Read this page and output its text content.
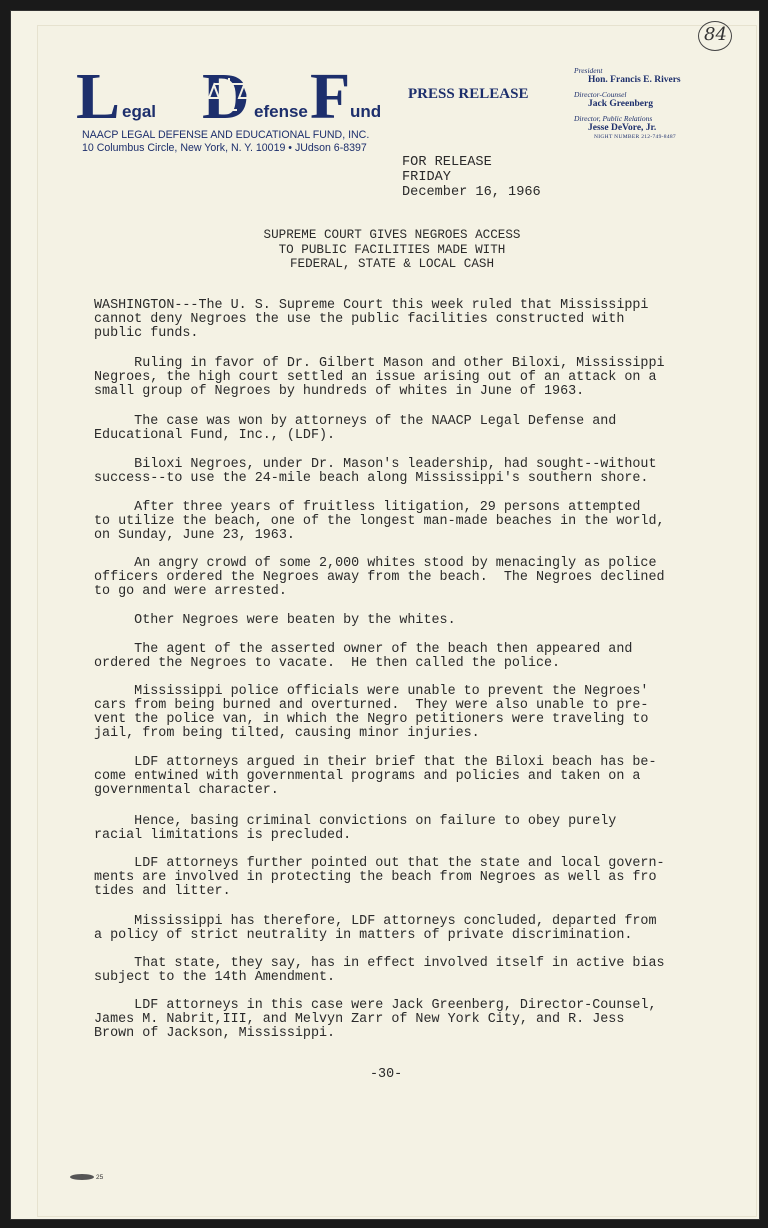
84
L D F
egal	efense und
NAACP LEGAL DEFENSE AND EDUCATIONAL FUND, INC.
10 Columbus Circle, New York, N. Y. 10019 • JUdson 6-8397
PRESS RELEASE
President
Hon. Francis E. Rivers
Director-Counsel
Jack Greenberg
Director, Public Relations
Jesse DeVore, Jr.
NIGHT NUMBER 212-749-8487
FOR RELEASE
FRIDAY
December 16, 1966
SUPREME COURT GIVES NEGROES ACCESS
TO PUBLIC FACILITIES MADE WITH
FEDERAL, STATE & LOCAL CASH
WASHINGTON---The U. S. Supreme Court this week ruled that Mississippi
cannot deny Negroes the use the public facilities constructed with
public funds.
Ruling in favor of Dr. Gilbert Mason and other Biloxi, Mississippi
Negroes, the high court settled an issue arising out of an attack on a
small group of Negroes by hundreds of whites in June of 1963.
The case was won by attorneys of the NAACP Legal Defense and
Educational Fund, Inc., (LDF).
Biloxi Negroes, under Dr. Mason's leadership, had sought--without
success--to use the 24-mile beach along Mississippi's southern shore.
After three years of fruitless litigation, 29 persons attempted
to utilize the beach, one of the longest man-made beaches in the world,
on Sunday, June 23, 1963.
An angry crowd of some 2,000 whites stood by menacingly as police
officers ordered the Negroes away from the beach.  The Negroes declined
to go and were arrested.
Other Negroes were beaten by the whites.
The agent of the asserted owner of the beach then appeared and
ordered the Negroes to vacate.  He then called the police.
Mississippi police officials were unable to prevent the Negroes'
cars from being burned and overturned.  They were also unable to pre-
vent the police van, in which the Negro petitioners were traveling to
jail, from being tilted, causing minor injuries.
LDF attorneys argued in their brief that the Biloxi beach has be-
come entwined with governmental programs and policies and taken on a
governmental character.
Hence, basing criminal convictions on failure to obey purely
racial limitations is precluded.
LDF attorneys further pointed out that the state and local govern-
ments are involved in protecting the beach from Negroes as well as fro
tides and litter.
Mississippi has therefore, LDF attorneys concluded, departed from
a policy of strict neutrality in matters of private discrimination.
That state, they say, has in effect involved itself in active bias
subject to the 14th Amendment.
LDF attorneys in this case were Jack Greenberg, Director-Counsel,
James M. Nabrit,III, and Melvyn Zarr of New York City, and R. Jess
Brown of Jackson, Mississippi.
-30-
25
